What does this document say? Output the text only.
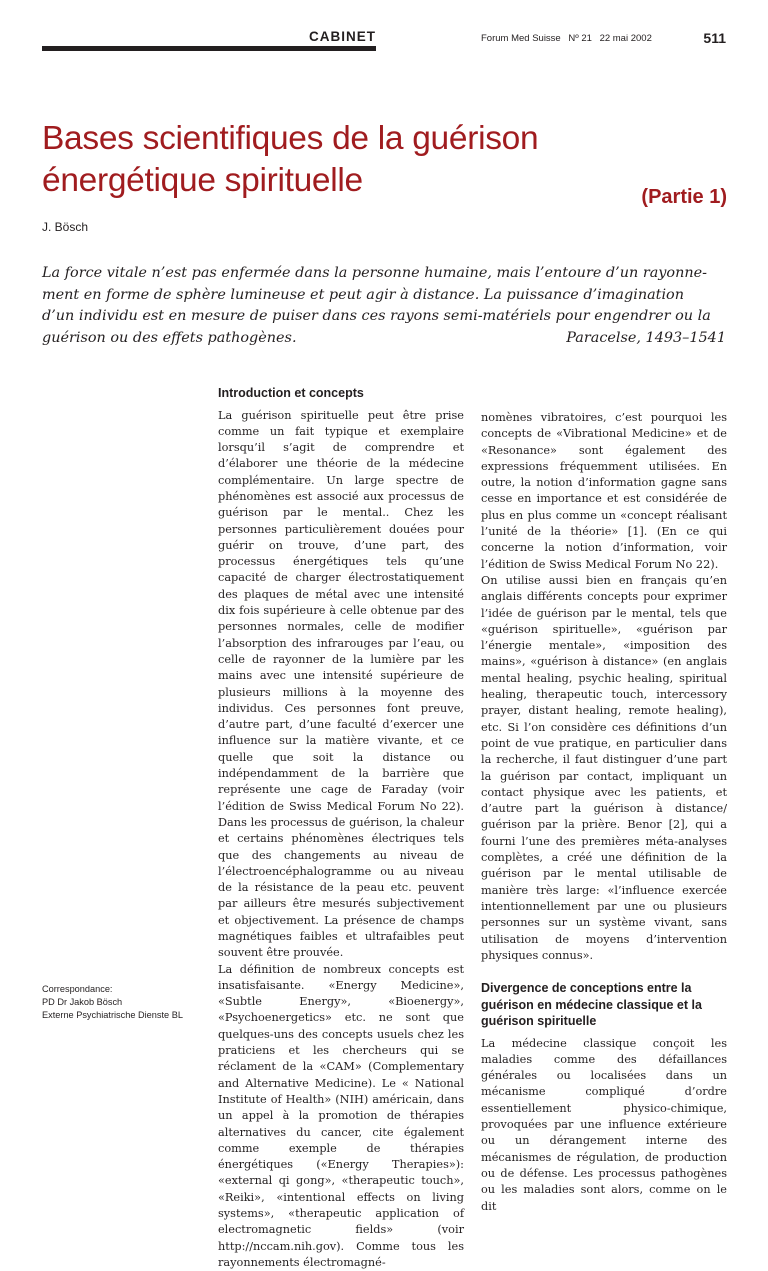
CABINET	Forum Med Suisse Nº 21 22 mai 2002	511
Bases scientifiques de la guérison
énergétique spirituelle	(Partie 1)
J. Bösch
La force vitale n’est pas enfermée dans la personne humaine, mais l’entoure d’un rayonne-
ment en forme de sphère lumineuse et peut agir à distance. La puissance d’imagination
d’un individu est en mesure de puiser dans ces rayons semi-matériels pour engendrer ou la
guérison ou des effets pathogènes.	Paracelse, 1493–1541
Introduction et concepts

La guérison spirituelle peut être prise comme un fait typique et exemplaire lorsqu’il s’agit de comprendre et d’élaborer une théorie de la médecine complémentaire. Un large spectre de phénomènes est associé aux processus de guérison par le mental.. Chez les personnes particulièrement douées pour guérir on trouve, d’une part, des processus énergétiques tels qu’une capacité de charger électrostatiquement des plaques de métal avec une intensité dix fois supérieure à celle obtenue par des personnes normales, celle de modifier l’absorption des infrarouges par l’eau, ou celle de rayonner de la lumière par les mains avec une intensité supérieure de plusieurs millions à la moyenne des individus. Ces personnes font preuve, d’autre part, d’une faculté d’exercer une influence sur la matière vivante, et ce quelle que soit la distance ou indépendamment de la barrière que représente une cage de Faraday (voir l’édition de Swiss Medical Forum No 22). Dans les processus de guérison, la chaleur et certains phénomènes électriques tels que des changements au niveau de l’électroencéphalogramme ou au niveau de la résistance de la peau etc. peuvent par ailleurs être mesurés subjectivement et objectivement. La présence de champs magnétiques faibles et ultrafaibles peut souvent être prouvée.

La définition de nombreux concepts est insatisfaisante. «Energy Medicine», «Subtle Energy», «Bioenergy», «Psychoenergetics» etc. ne sont que quelques-uns des concepts usuels chez les praticiens et les chercheurs qui se réclament de la «CAM» (Complementary and Alternative Medicine). Le « National Institute of Health» (NIH) américain, dans un appel à la promotion de thérapies alternatives du cancer, cite également comme exemple de thérapies énergétiques («Energy Therapies»): «external qi gong», «therapeutic touch», «Reiki», «intentional effects on living systems», «therapeutic application of electromagnetic fields» (voir http://nccam.nih.gov). Comme tous les rayonnements électromagné-

nomènes vibratoires, c’est pourquoi les concepts de «Vibrational Medicine» et de «Resonance» sont également des expressions fréquemment utilisées. En outre, la notion d’information gagne sans cesse en importance et est considérée de plus en plus comme un «concept réalisant l’unité de la théorie» [1]. (En ce qui concerne la notion d’information, voir l’édition de Swiss Medical Forum No 22).

On utilise aussi bien en français qu’en anglais différents concepts pour exprimer l’idée de guérison par le mental, tels que «guérison spirituelle», «guérison par l’énergie mentale», «imposition des mains», «guérison à distance» (en anglais mental healing, psychic healing, spiritual healing, therapeutic touch, intercessory prayer, distant healing, remote healing), etc. Si l’on considère ces définitions d’un point de vue pratique, en particulier dans la recherche, il faut distinguer d’une part la guérison par contact, impliquant un contact physique avec les patients, et d’autre part la guérison à distance/ guérison par la prière. Benor [2], qui a fourni l’une des premières méta-analyses complètes, a créé une définition de la guérison par le mental utilisable de manière très large: «l’influence exercée intentionnellement par une ou plusieurs personnes sur un système vivant, sans utilisation de moyens d’intervention physiques connus».

Divergence de conceptions entre la guérison en médecine classique et la guérison spirituelle

La médecine classique conçoit les maladies comme des défaillances générales ou localisées dans un mécanisme compliqué d’ordre essentiellement physico-chimique, provoquées par une influence extérieure ou un dérangement interne des mécanismes de régulation, de production ou de défense. Les processus pathogènes ou les maladies sont alors, comme on le dit

Correspondance:
PD Dr Jakob Bösch
Externe Psychiatrische Dienste BL
